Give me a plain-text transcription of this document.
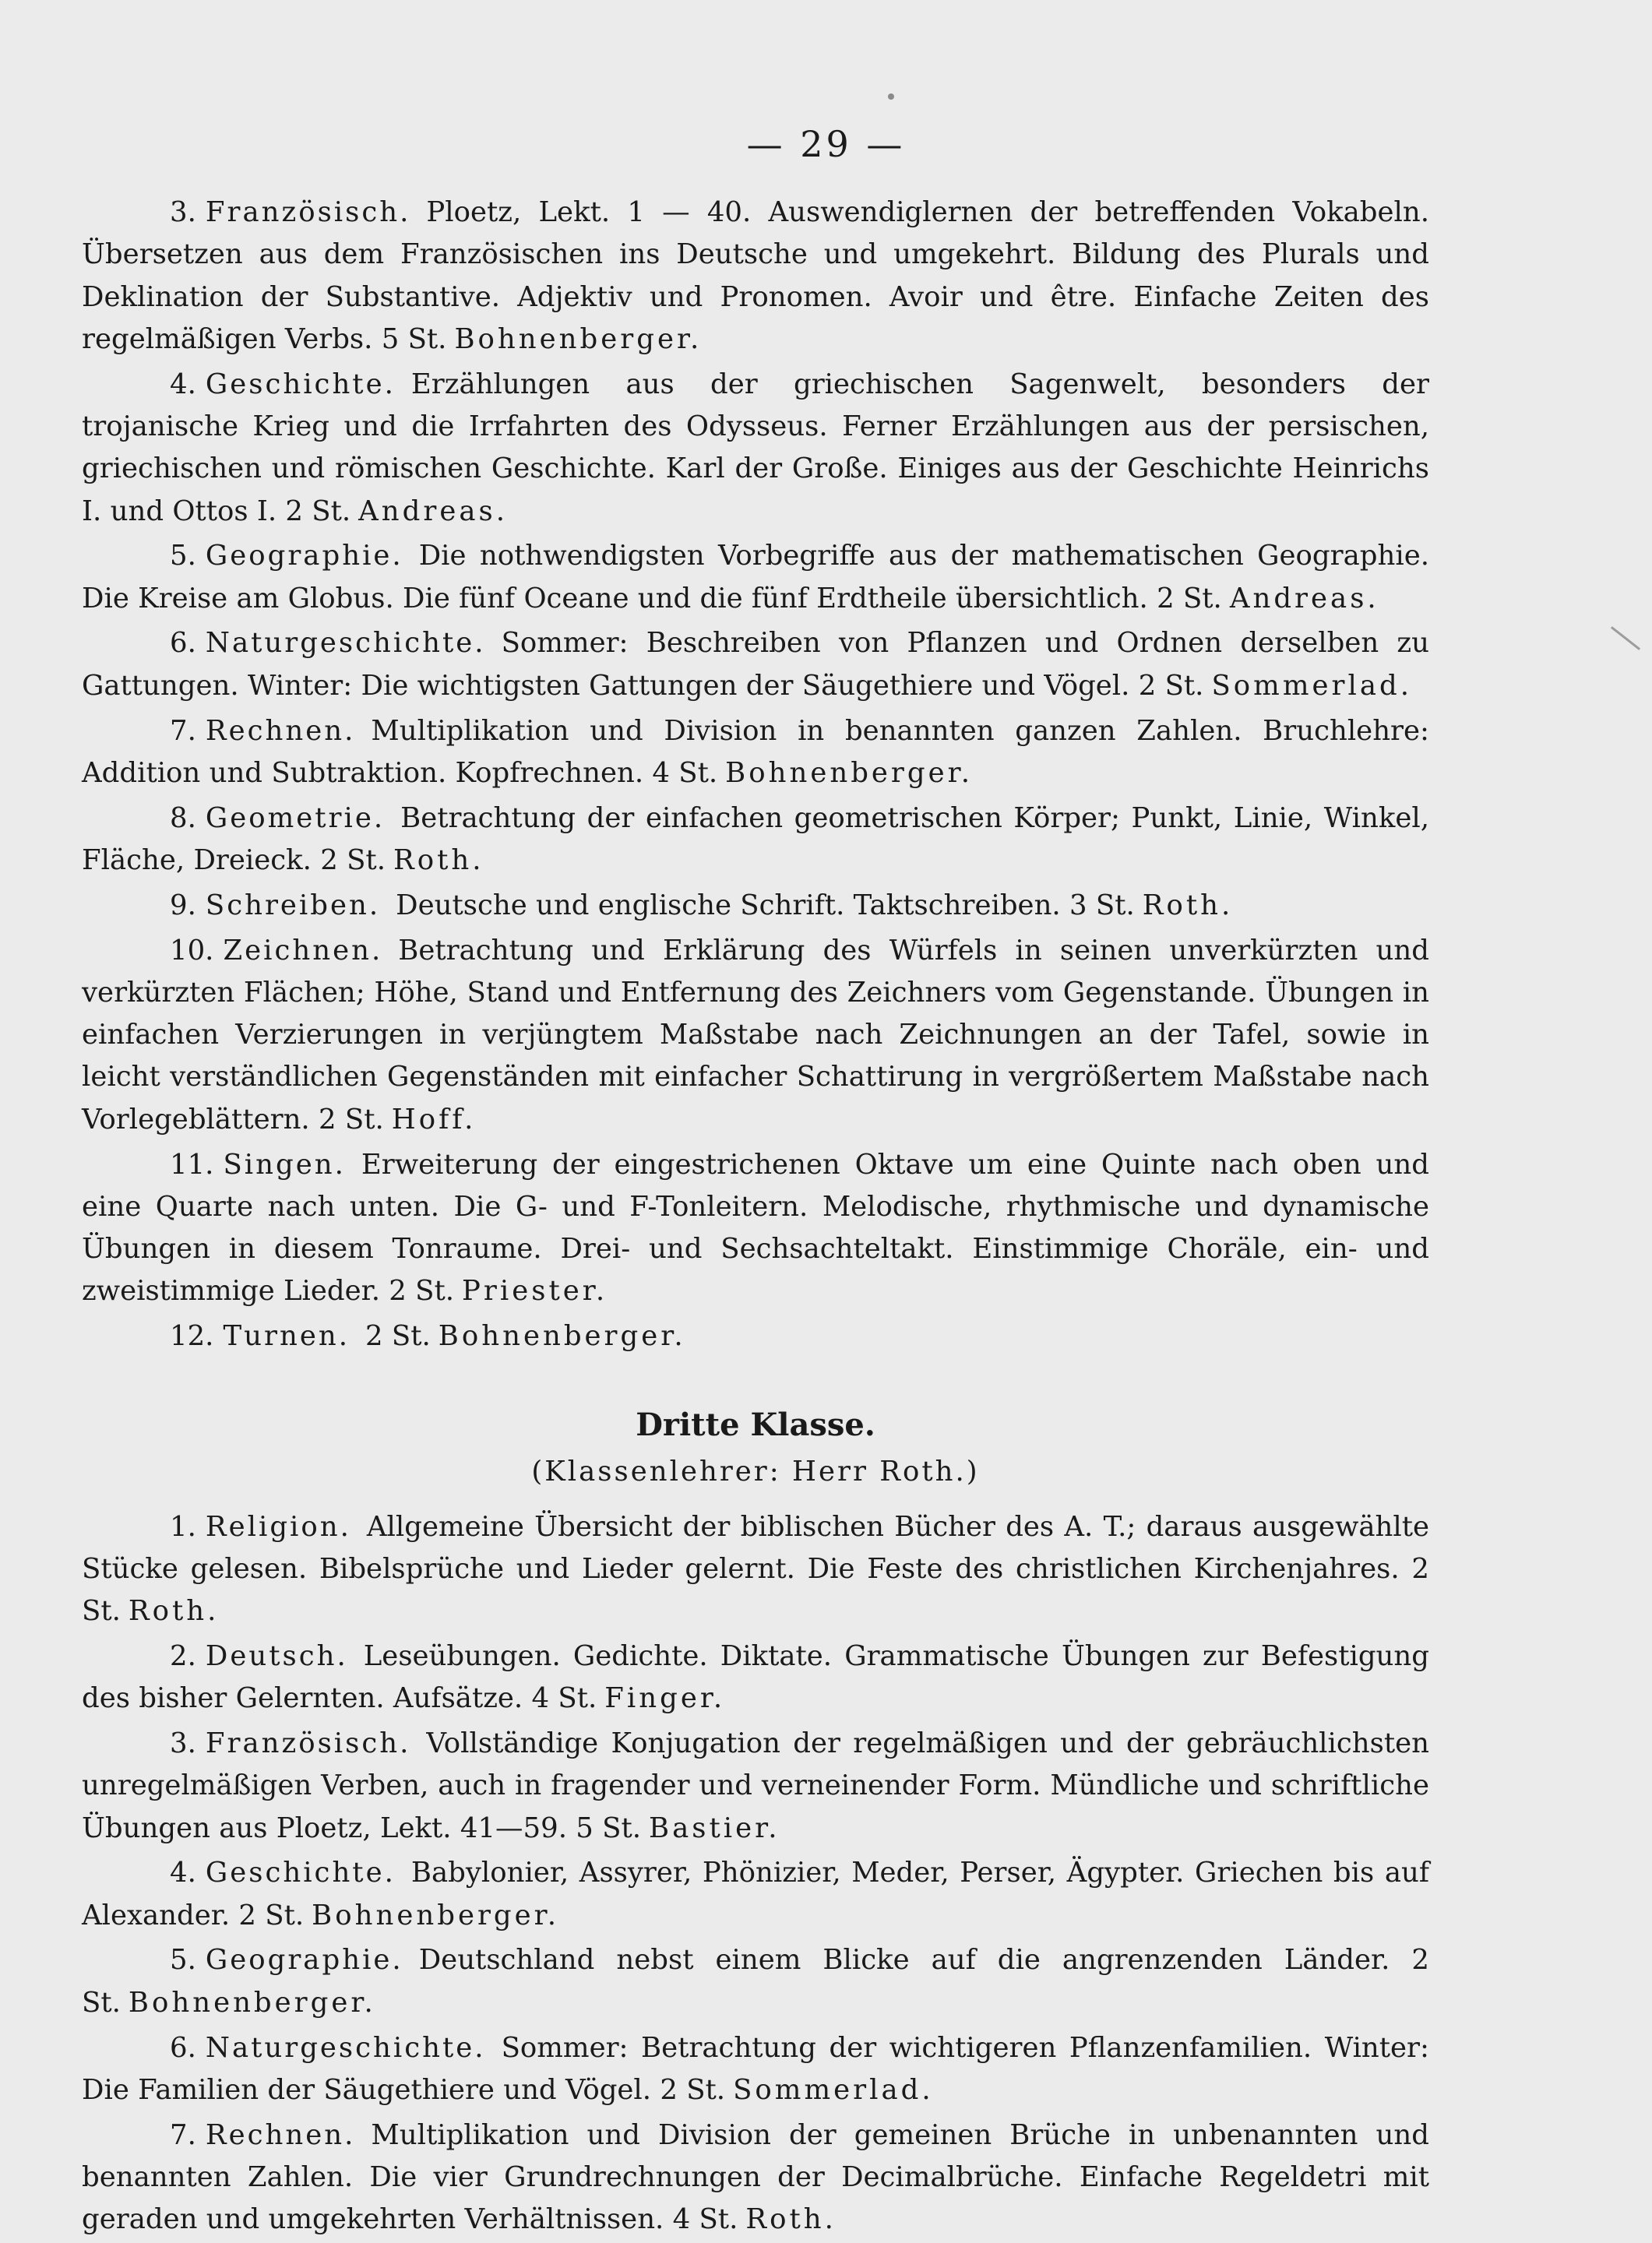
— 29 —

3. Französisch. Ploetz, Lekt. 1 — 40. Auswendiglernen der betreffenden Vokabeln. Übersetzen aus dem Französischen ins Deutsche und umgekehrt. Bildung des Plurals und Deklination der Substantive. Adjektiv und Pronomen. Avoir und être. Einfache Zeiten des regelmäßigen Verbs. 5 St. Bohnenberger.

4. Geschichte. Erzählungen aus der griechischen Sagenwelt, besonders der trojanische Krieg und die Irrfahrten des Odysseus. Ferner Erzählungen aus der persischen, griechischen und römischen Geschichte. Karl der Große. Einiges aus der Geschichte Heinrichs I. und Ottos I. 2 St. Andreas.

5. Geographie. Die nothwendigsten Vorbegriffe aus der mathematischen Geographie. Die Kreise am Globus. Die fünf Oceane und die fünf Erdtheile übersichtlich. 2 St. Andreas.

6. Naturgeschichte. Sommer: Beschreiben von Pflanzen und Ordnen derselben zu Gattungen. Winter: Die wichtigsten Gattungen der Säugethiere und Vögel. 2 St. Sommerlad.

7. Rechnen. Multiplikation und Division in benannten ganzen Zahlen. Bruchlehre: Addition und Subtraktion. Kopfrechnen. 4 St. Bohnenberger.

8. Geometrie. Betrachtung der einfachen geometrischen Körper; Punkt, Linie, Winkel, Fläche, Dreieck. 2 St. Roth.

9. Schreiben. Deutsche und englische Schrift. Taktschreiben. 3 St. Roth.

10. Zeichnen. Betrachtung und Erklärung des Würfels in seinen unverkürzten und verkürzten Flächen; Höhe, Stand und Entfernung des Zeichners vom Gegenstande. Übungen in einfachen Verzierungen in verjüngtem Maßstabe nach Zeichnungen an der Tafel, sowie in leicht verständlichen Gegenständen mit einfacher Schattirung in vergrößertem Maßstabe nach Vorlegeblättern. 2 St. Hoff.

11. Singen. Erweiterung der eingestrichenen Oktave um eine Quinte nach oben und eine Quarte nach unten. Die G- und F-Tonleitern. Melodische, rhythmische und dynamische Übungen in diesem Tonraume. Drei- und Sechsachteltakt. Einstimmige Choräle, ein- und zweistimmige Lieder. 2 St. Priester.

12. Turnen. 2 St. Bohnenberger.

Dritte Klasse.
(Klassenlehrer: Herr Roth.)

1. Religion. Allgemeine Übersicht der biblischen Bücher des A. T.; daraus ausgewählte Stücke gelesen. Bibelsprüche und Lieder gelernt. Die Feste des christlichen Kirchenjahres. 2 St. Roth.

2. Deutsch. Leseübungen. Gedichte. Diktate. Grammatische Übungen zur Befestigung des bisher Gelernten. Aufsätze. 4 St. Finger.

3. Französisch. Vollständige Konjugation der regelmäßigen und der gebräuchlichsten unregelmäßigen Verben, auch in fragender und verneinender Form. Mündliche und schriftliche Übungen aus Ploetz, Lekt. 41—59. 5 St. Bastier.

4. Geschichte. Babylonier, Assyrer, Phönizier, Meder, Perser, Ägypter. Griechen bis auf Alexander. 2 St. Bohnenberger.

5. Geographie. Deutschland nebst einem Blicke auf die angrenzenden Länder. 2 St. Bohnenberger.

6. Naturgeschichte. Sommer: Betrachtung der wichtigeren Pflanzenfamilien. Winter: Die Familien der Säugethiere und Vögel. 2 St. Sommerlad.

7. Rechnen. Multiplikation und Division der gemeinen Brüche in unbenannten und benannten Zahlen. Die vier Grundrechnungen der Decimalbrüche. Einfache Regeldetri mit geraden und umgekehrten Verhältnissen. 4 St. Roth.
